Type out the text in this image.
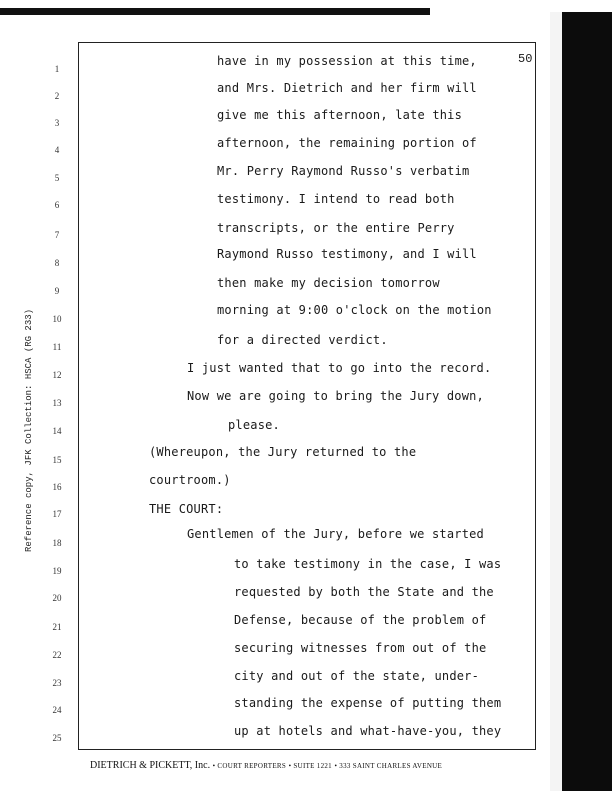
50
Reference copy, JFK Collection: HSCA (RG 233)
1
2
3
4
5
6
7
8
9
10
11
12
13
14
15
16
17
18
19
20
21
22
23
24
25
have in my possession at this time,
and Mrs. Dietrich and her firm will
give me this afternoon, late this
afternoon, the remaining portion of
Mr. Perry Raymond Russo's verbatim
testimony. I intend to read both
transcripts, or the entire Perry
Raymond Russo testimony, and I will
then make my decision tomorrow
morning at 9:00 o'clock on the motion
for a directed verdict.
I just wanted that to go into the record.
Now we are going to bring the Jury down,
please.
(Whereupon, the Jury returned to the
courtroom.)
THE COURT:
Gentlemen of the Jury, before we started
to take testimony in the case, I was
requested by both the State and the
Defense, because of the problem of
securing witnesses from out of the
city and out of the state, under-
standing the expense of putting them
up at hotels and what-have-you, they
DIETRICH & PICKETT, Inc. • COURT REPORTERS • SUITE 1221 • 333 SAINT CHARLES AVENUE
